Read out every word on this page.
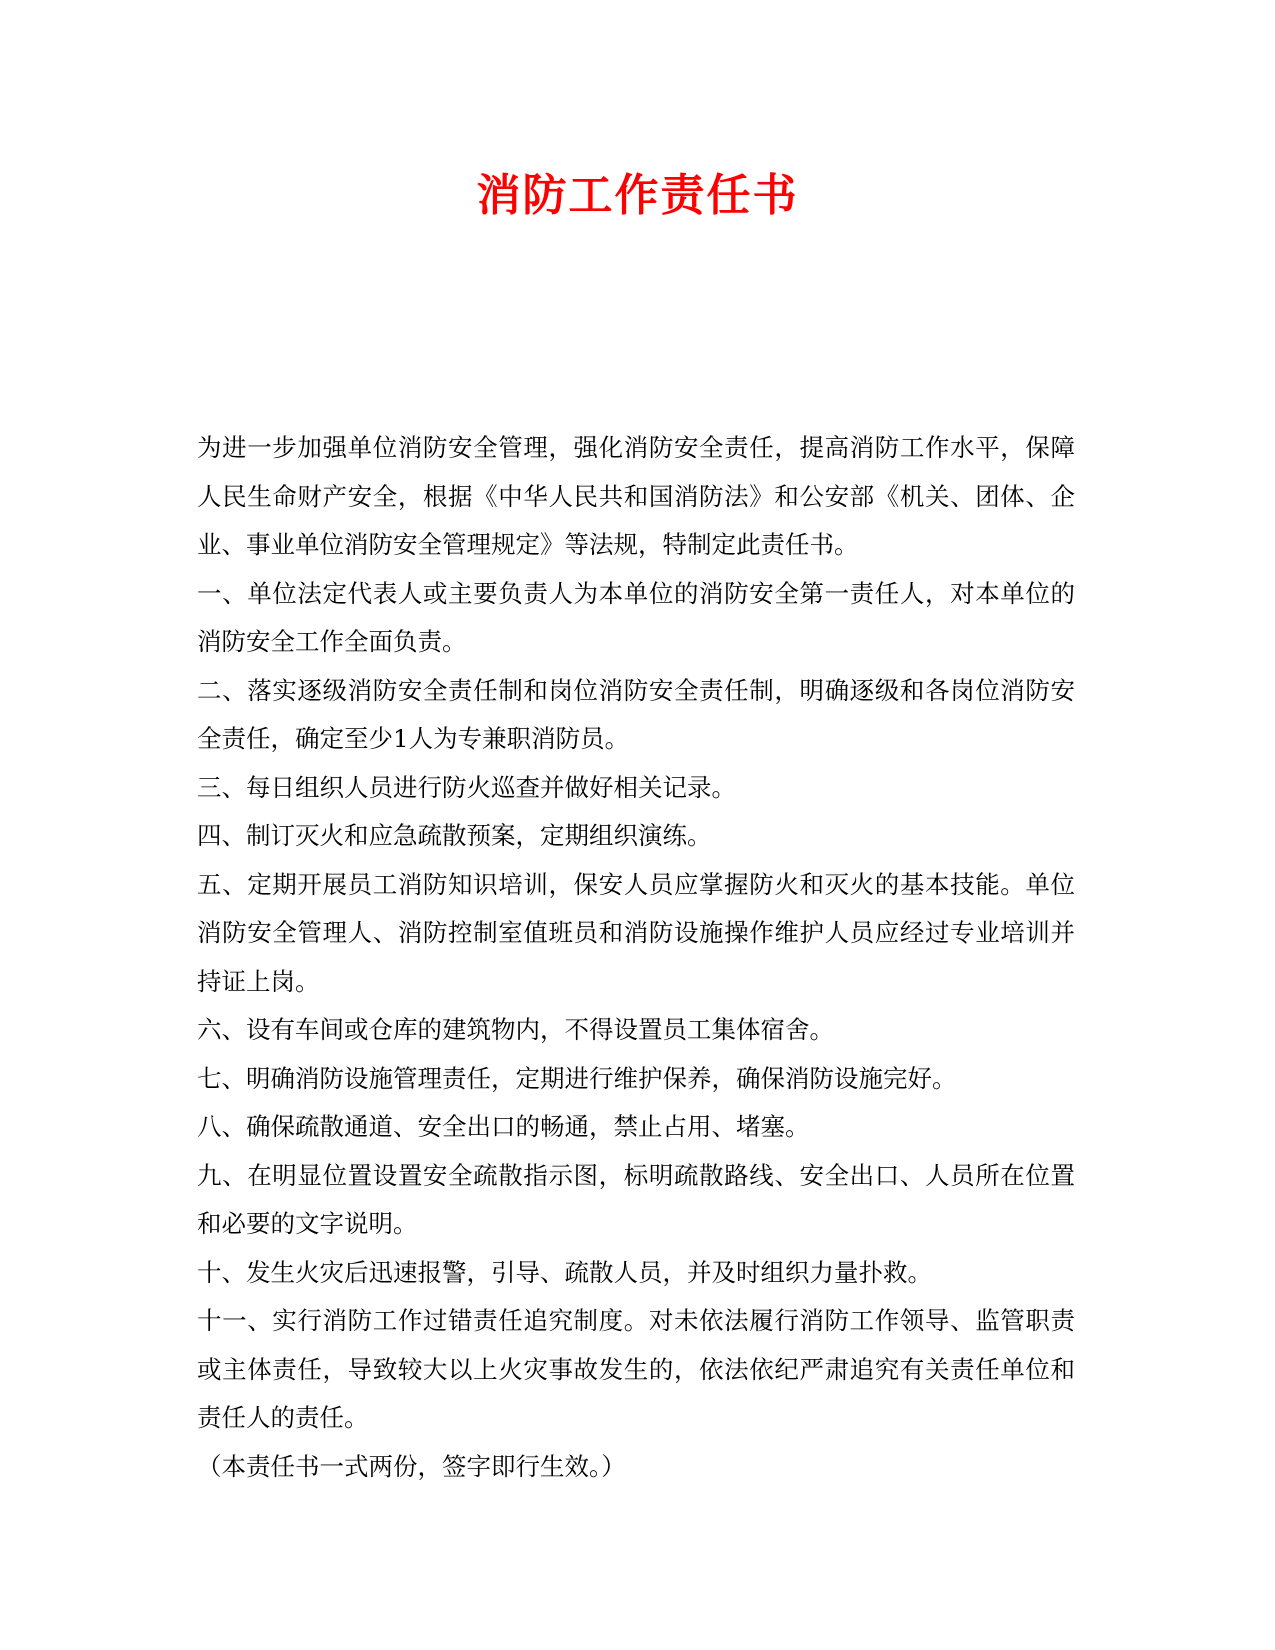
消防工作责任书

为进一步加强单位消防安全管理，强化消防安全责任，提高消防工作水平，保障人民生命财产安全，根据《中华人民共和国消防法》和公安部《机关、团体、企业、事业单位消防安全管理规定》等法规，特制定此责任书。

一、单位法定代表人或主要负责人为本单位的消防安全第一责任人，对本单位的消防安全工作全面负责。

二、落实逐级消防安全责任制和岗位消防安全责任制，明确逐级和各岗位消防安全责任，确定至少1人为专兼职消防员。

三、每日组织人员进行防火巡查并做好相关记录。

四、制订灭火和应急疏散预案，定期组织演练。

五、定期开展员工消防知识培训，保安人员应掌握防火和灭火的基本技能。单位消防安全管理人、消防控制室值班员和消防设施操作维护人员应经过专业培训并持证上岗。

六、设有车间或仓库的建筑物内，不得设置员工集体宿舍。

七、明确消防设施管理责任，定期进行维护保养，确保消防设施完好。

八、确保疏散通道、安全出口的畅通，禁止占用、堵塞。

九、在明显位置设置安全疏散指示图，标明疏散路线、安全出口、人员所在位置和必要的文字说明。

十、发生火灾后迅速报警，引导、疏散人员，并及时组织力量扑救。

十一、实行消防工作过错责任追究制度。对未依法履行消防工作领导、监管职责或主体责任，导致较大以上火灾事故发生的，依法依纪严肃追究有关责任单位和责任人的责任。

（本责任书一式两份，签字即行生效。）
